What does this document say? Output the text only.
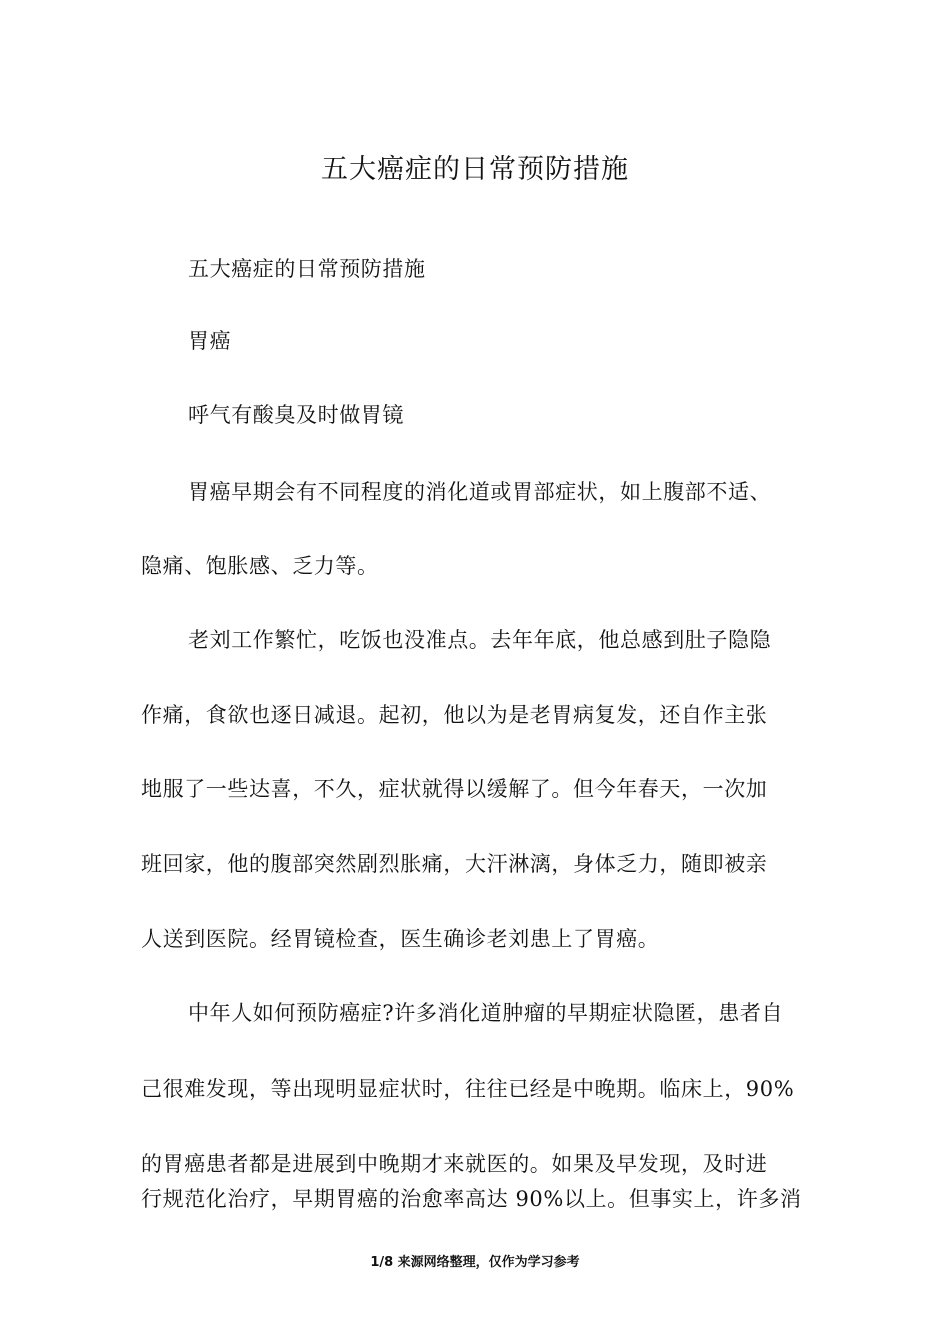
五大癌症的日常预防措施
五大癌症的日常预防措施
胃癌
呼气有酸臭及时做胃镜
胃癌早期会有不同程度的消化道或胃部症状，如上腹部不适、
隐痛、饱胀感、乏力等。
老刘工作繁忙，吃饭也没准点。去年年底，他总感到肚子隐隐
作痛，食欲也逐日减退。起初，他以为是老胃病复发，还自作主张
地服了一些达喜，不久，症状就得以缓解了。但今年春天，一次加
班回家，他的腹部突然剧烈胀痛，大汗淋漓，身体乏力，随即被亲
人送到医院。经胃镜检查，医生确诊老刘患上了胃癌。
中年人如何预防癌症?许多消化道肿瘤的早期症状隐匿，患者自
己很难发现，等出现明显症状时，往往已经是中晚期。临床上，90%
的胃癌患者都是进展到中晚期才来就医的。如果及早发现，及时进
行规范化治疗，早期胃癌的治愈率高达 90%以上。但事实上，许多消
1/8 来源网络整理，仅作为学习参考
